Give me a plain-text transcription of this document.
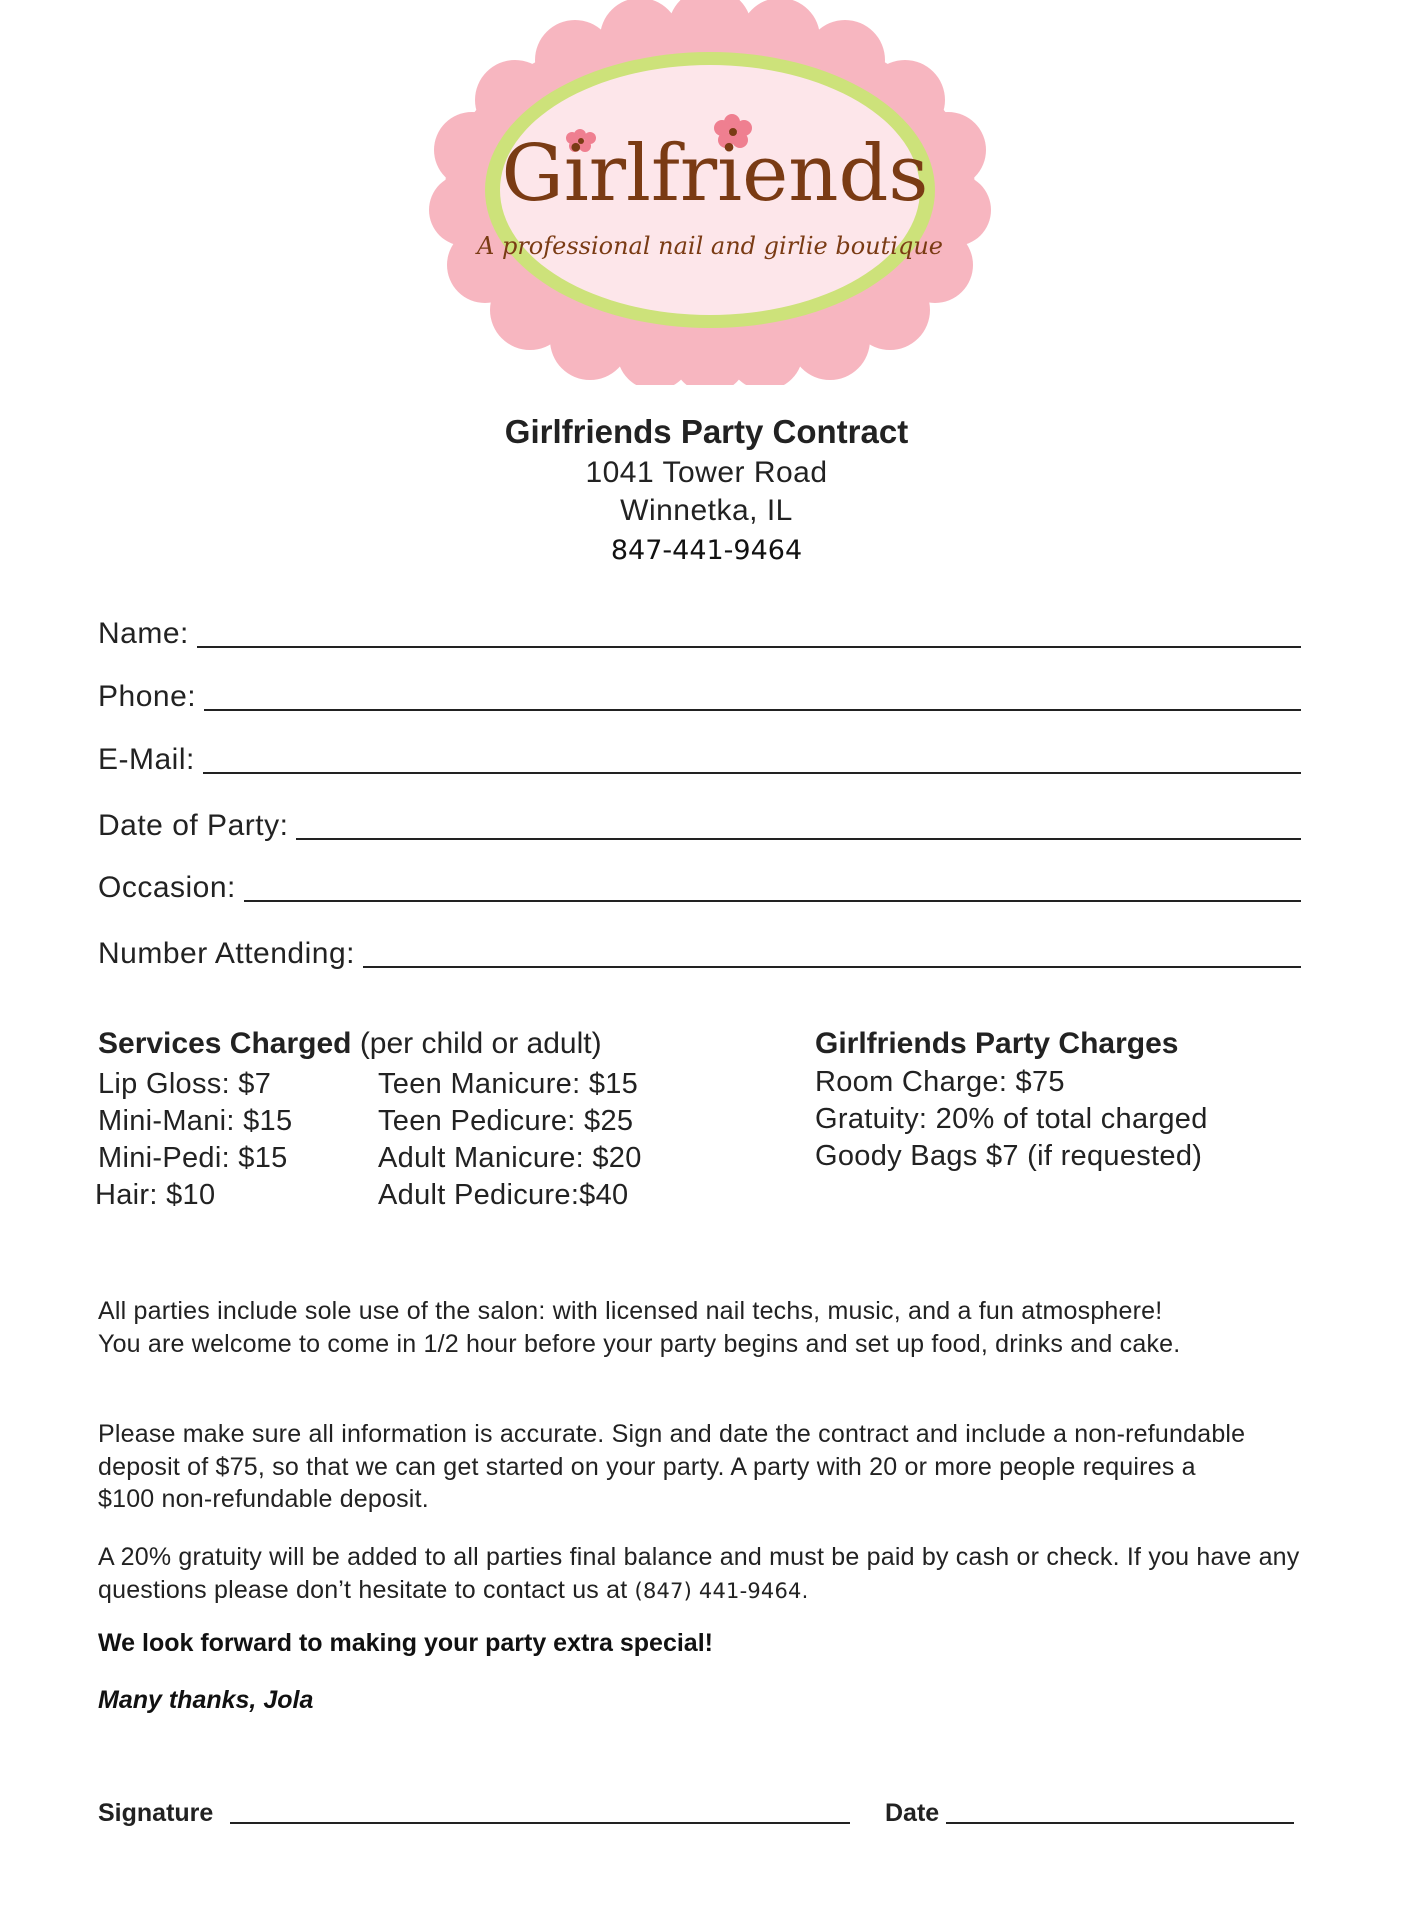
Girlfriends
A professional nail and girlie boutique
Girlfriends Party Contract
1041 Tower Road
Winnetka, IL
847-441-9464
Name:
Phone:
E-Mail:
Date of Party:
Occasion:
Number Attending:
Services Charged (per child or adult)
Lip Gloss: $7
Mini-Mani: $15
Mini-Pedi: $15
Hair: $10
Teen Manicure: $15
Teen Pedicure: $25
Adult Manicure: $20
Adult Pedicure:$40
Girlfriends Party Charges
Room Charge: $75
Gratuity: 20% of total charged
Goody Bags $7 (if requested)

All parties include sole use of the salon: with licensed nail techs, music, and a fun atmosphere! You are welcome to come in 1/2 hour before your party begins and set up food, drinks and cake.

Please make sure all information is accurate. Sign and date the contract and include a non-refundable deposit of $75, so that we can get started on your party. A party with 20 or more people requires a $100 non-refundable deposit.

A 20% gratuity will be added to all parties final balance and must be paid by cash or check. If you have any questions please don’t hesitate to contact us at (847) 441-9464.

We look forward to making your party extra special!
Many thanks, Jola
Signature	Date
